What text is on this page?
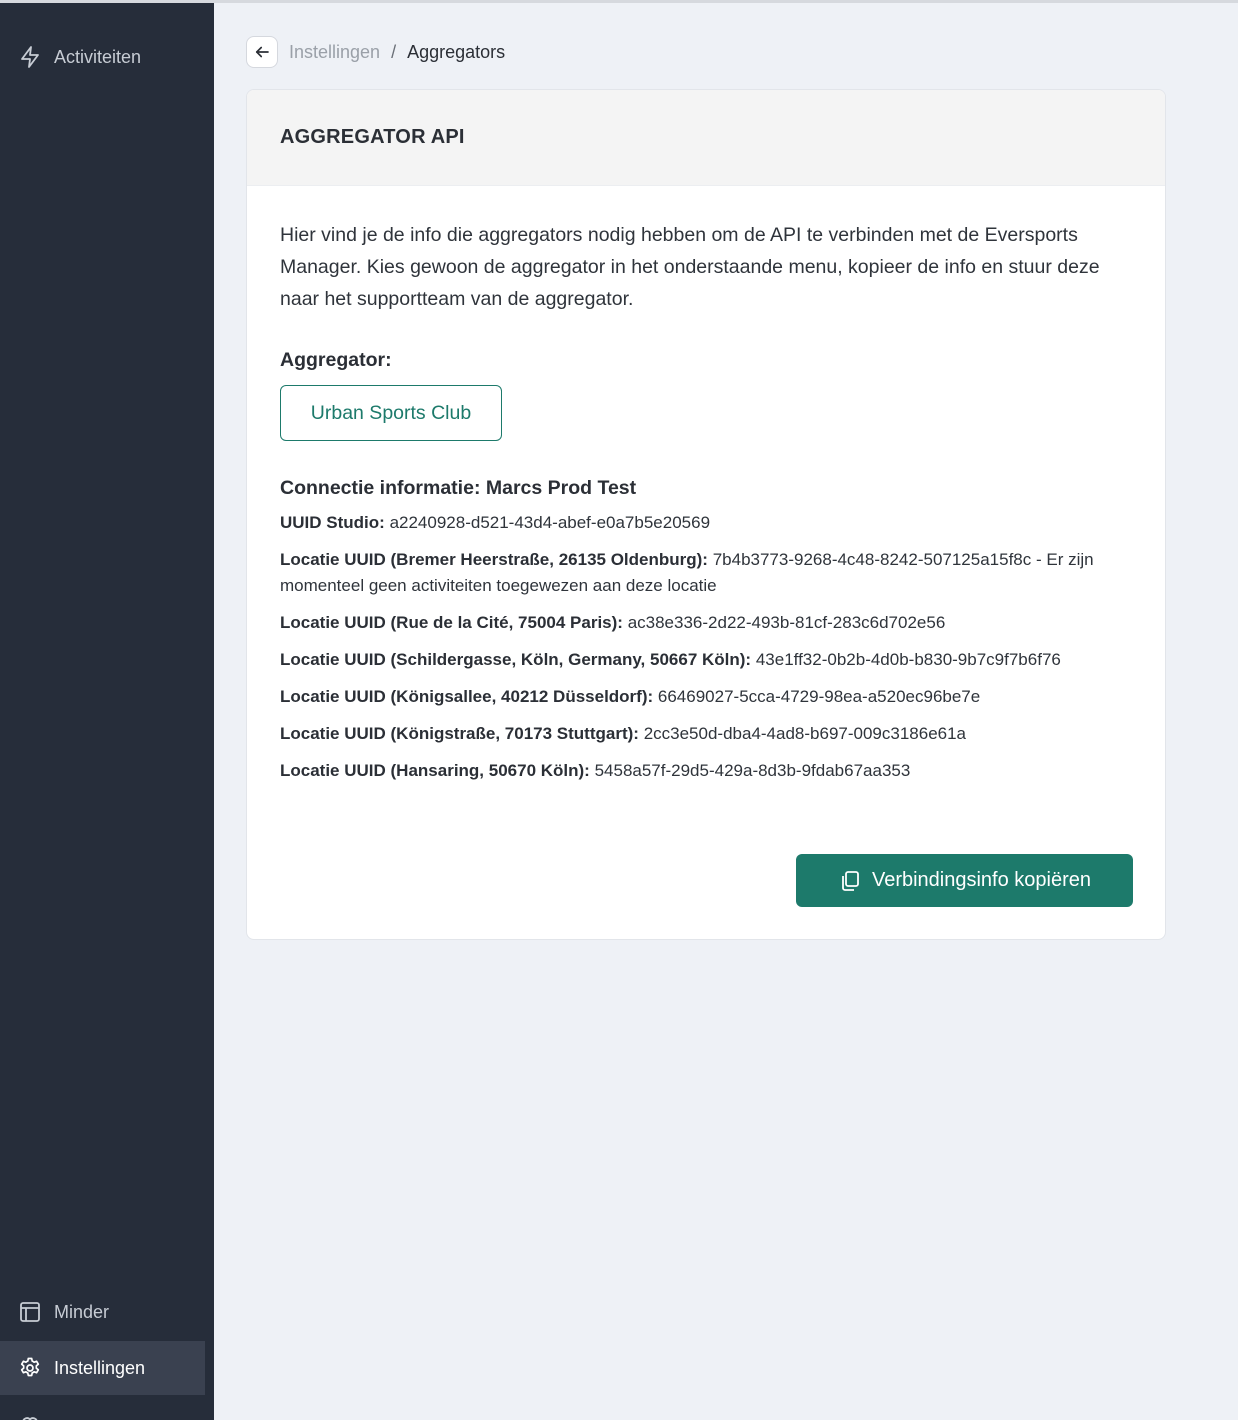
Activiteiten
Minder
Instellingen
Instellingen / Aggregators
AGGREGATOR API

Hier vind je de info die aggregators nodig hebben om de API te verbinden met de Eversports Manager. Kies gewoon de aggregator in het onderstaande menu, kopieer de info en stuur deze naar het supportteam van de aggregator.

Aggregator:
Urban Sports Club
Connectie informatie: Marcs Prod Test
UUID Studio: a2240928-d521-43d4-abef-e0a7b5e20569
Locatie UUID (Bremer Heerstraße, 26135 Oldenburg): 7b4b3773-9268-4c48-8242-507125a15f8c - Er zijn momenteel geen activiteiten toegewezen aan deze locatie
Locatie UUID (Rue de la Cité, 75004 Paris): ac38e336-2d22-493b-81cf-283c6d702e56
Locatie UUID (Schildergasse, Köln, Germany, 50667 Köln): 43e1ff32-0b2b-4d0b-b830-9b7c9f7b6f76
Locatie UUID (Königsallee, 40212 Düsseldorf): 66469027-5cca-4729-98ea-a520ec96be7e
Locatie UUID (Königstraße, 70173 Stuttgart): 2cc3e50d-dba4-4ad8-b697-009c3186e61a
Locatie UUID (Hansaring, 50670 Köln): 5458a57f-29d5-429a-8d3b-9fdab67aa353
Verbindingsinfo kopiëren
